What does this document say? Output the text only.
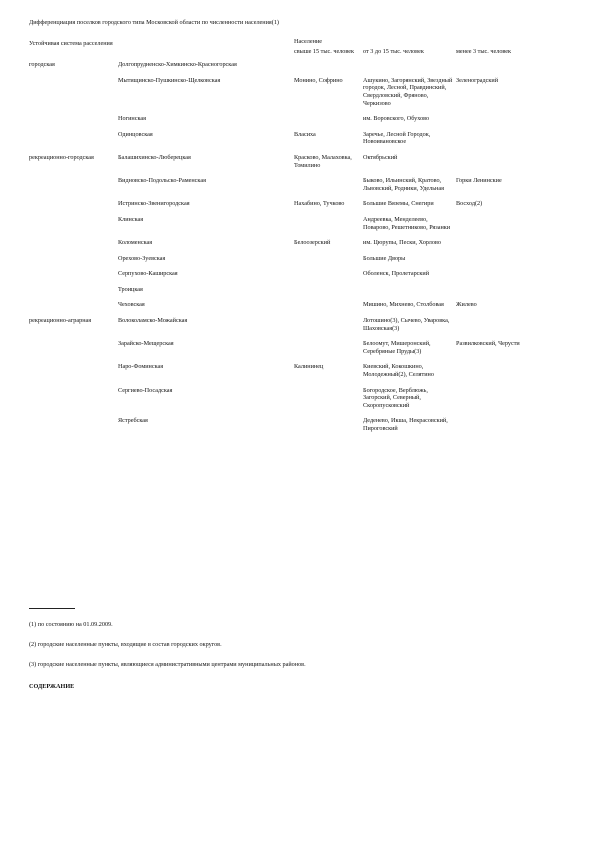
Дифференциация поселков городского типа Московской области по численности населения(1)
Устойчивая система расселения		Население		
		свыше 15 тыс. человек	от 3 до 15 тыс. человек	менее 3 тыс. человек
городская	Долгопрудненско-Химкинско-Красногорская			
	Мытищинско-Пушкинско-Щелковская	Монино, Софрино	Ашукино, Загорянский, Звездный городок, Лесной, Правдинский, Свердловский, Фряново, Черкизово	Зеленоградский
	Ногинская		им. Воровского, Обухово	
	Одинцовская	Власиха	Заречье, Лесной Городок, Новоивановское	
рекреационно-городская	Балашихинско-Люберецкая	Красково, Малаховка, Томилино	Октябрьский	
	Видновско-Подольско-Раменская		Быково, Ильинский, Кратово, Львовский, Родники, Удельная	Горки Ленинские
	Истринско-Звенигородская	Нахабино, Тучково	Большие Вяземы, Снегири	Восход(2)
	Клинская		Андреевка, Менделеево, Поварово, Решетниково, Рязанки	
	Коломенская	Белоозерский	им. Цюрупы, Пески, Хорлово	
	Орехово-Зуевская		Большие Дворы	
	Серпухово-Каширская		Оболенск, Пролетарский	
	Троицкая			
	Чеховская		Мишино, Михнево, Столбовая	Жилево
рекреационно-аграрная	Волоколамско-Можайская		Лотошино(3), Сычево, Уваровка, Шаховская(3)	
	Зарайско-Мещерская		Белоомут, Мишеронский, Серебряные Пруды(3)	Развилковский, Черусти
	Наро-Фоминская	Калининец	Киевский, Кокошкино, Молодежный(2), Селятино	
	Сергиево-Посадская		Богородское, Верблюжь, Загорский, Северный, Скоропусковский	
	Ястребская		Деденево, Икша, Некрасовский, Пироговский	
(1) по состоянию на 01.09.2009.
(2) городские населенные пункты, входящие в состав городских округов.
(3) городские населенные пункты, являющиеся административными центрами муниципальных районов.
СОДЕРЖАНИЕ
